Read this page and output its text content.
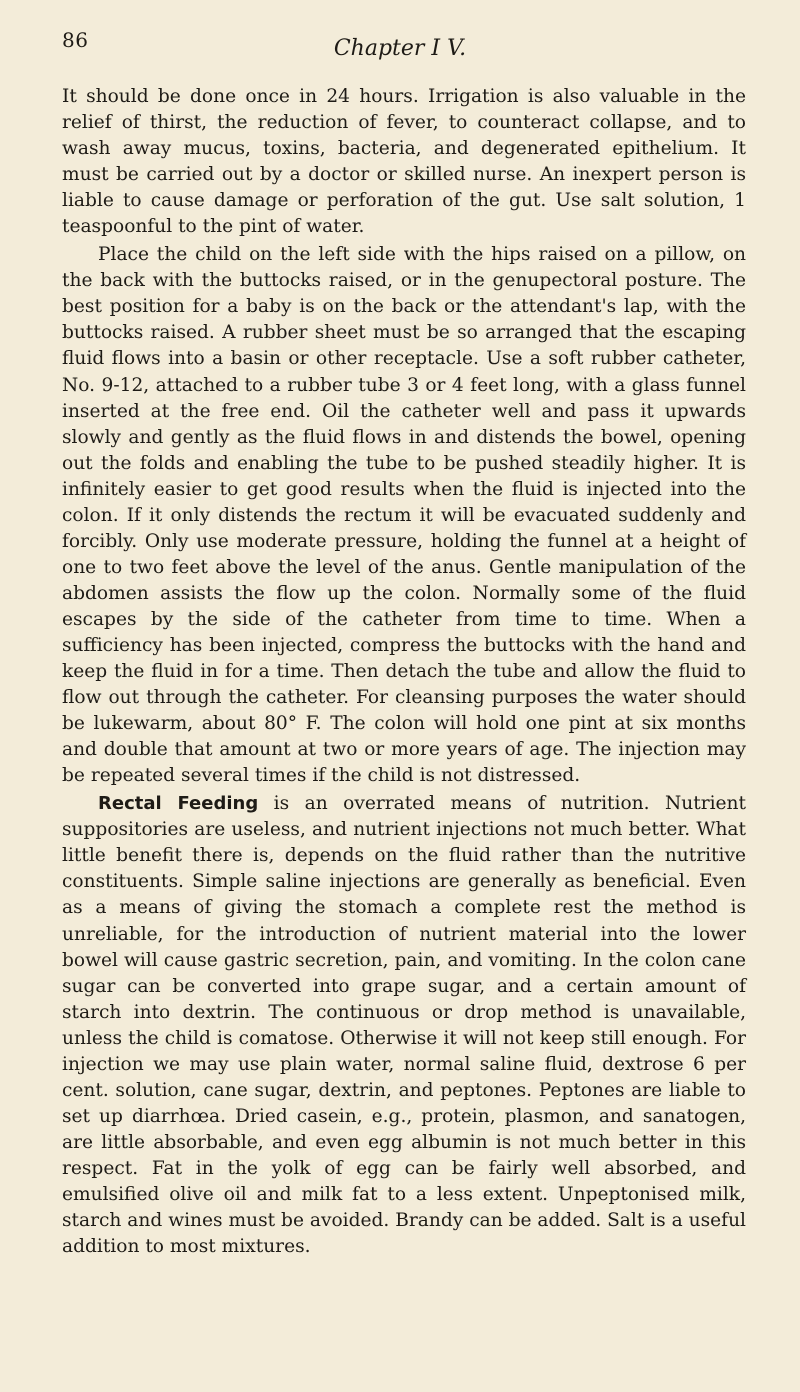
86	Chapter I V.

It should be done once in 24 hours. Irrigation is also valuable in the relief of thirst, the reduction of fever, to counteract collapse, and to wash away mucus, toxins, bacteria, and degenerated epithelium. It must be carried out by a doctor or skilled nurse. An inexpert person is liable to cause damage or perforation of the gut. Use salt solution, 1 teaspoonful to the pint of water.

Place the child on the left side with the hips raised on a pillow, on the back with the buttocks raised, or in the genupectoral posture. The best position for a baby is on the back or the attendant's lap, with the buttocks raised. A rubber sheet must be so arranged that the escaping fluid flows into a basin or other receptacle. Use a soft rubber catheter, No. 9-12, attached to a rubber tube 3 or 4 feet long, with a glass funnel inserted at the free end. Oil the catheter well and pass it upwards slowly and gently as the fluid flows in and distends the bowel, opening out the folds and enabling the tube to be pushed steadily higher. It is infinitely easier to get good results when the fluid is injected into the colon. If it only distends the rectum it will be evacuated suddenly and forcibly. Only use moderate pressure, holding the funnel at a height of one to two feet above the level of the anus. Gentle manipulation of the abdomen assists the flow up the colon. Normally some of the fluid escapes by the side of the catheter from time to time. When a sufficiency has been injected, compress the buttocks with the hand and keep the fluid in for a time. Then detach the tube and allow the fluid to flow out through the catheter. For cleansing purposes the water should be lukewarm, about 80° F. The colon will hold one pint at six months and double that amount at two or more years of age. The injection may be repeated several times if the child is not distressed.

Rectal Feeding is an overrated means of nutrition. Nutrient suppositories are useless, and nutrient injections not much better. What little benefit there is, depends on the fluid rather than the nutritive constituents. Simple saline injections are generally as beneficial. Even as a means of giving the stomach a complete rest the method is unreliable, for the introduction of nutrient material into the lower bowel will cause gastric secretion, pain, and vomiting. In the colon cane sugar can be converted into grape sugar, and a certain amount of starch into dextrin. The continuous or drop method is unavailable, unless the child is comatose. Otherwise it will not keep still enough. For injection we may use plain water, normal saline fluid, dextrose 6 per cent. solution, cane sugar, dextrin, and peptones. Peptones are liable to set up diarrhœa. Dried casein, e.g., protein, plasmon, and sanatogen, are little absorbable, and even egg albumin is not much better in this respect. Fat in the yolk of egg can be fairly well absorbed, and emulsified olive oil and milk fat to a less extent. Unpeptonised milk, starch and wines must be avoided. Brandy can be added. Salt is a useful addition to most mixtures.
